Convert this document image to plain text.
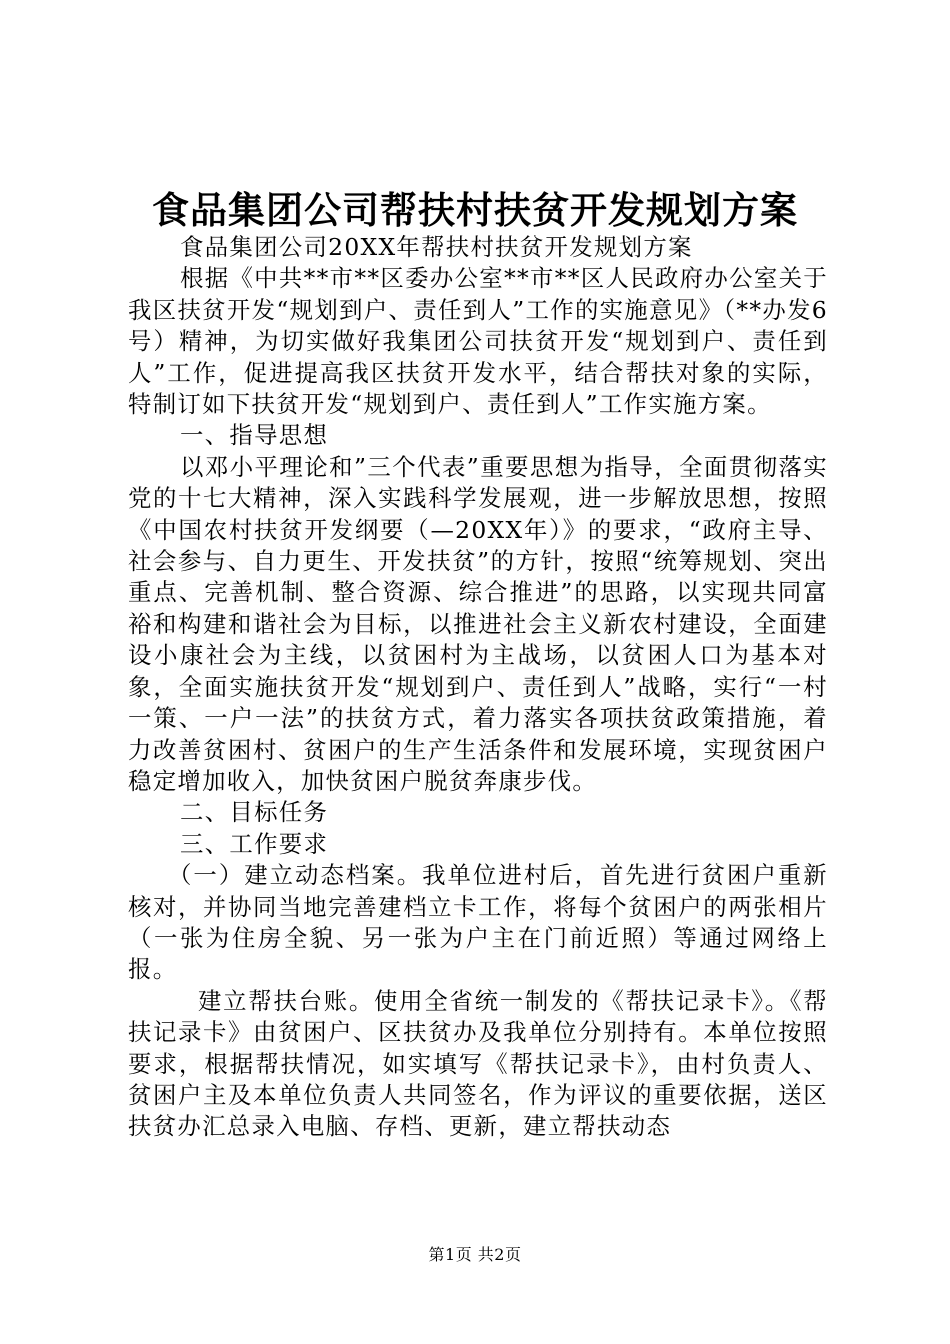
食品集团公司帮扶村扶贫开发规划方案

食品集团公司20XX年帮扶村扶贫开发规划方案

根据《中共**市**区委办公室**市**区人民政府办公室关于我区扶贫开发“规划到户、责任到人”工作的实施意见》（**办发6号）精神，为切实做好我集团公司扶贫开发“规划到户、责任到人”工作，促进提高我区扶贫开发水平，结合帮扶对象的实际，特制订如下扶贫开发“规划到户、责任到人”工作实施方案。

一、指导思想

以邓小平理论和”三个代表”重要思想为指导，全面贯彻落实党的十七大精神，深入实践科学发展观，进一步解放思想，按照《中国农村扶贫开发纲要（—20XX年）》的要求，“政府主导、社会参与、自力更生、开发扶贫”的方针，按照“统筹规划、突出重点、完善机制、整合资源、综合推进”的思路，以实现共同富裕和构建和谐社会为目标，以推进社会主义新农村建设，全面建设小康社会为主线，以贫困村为主战场，以贫困人口为基本对象，全面实施扶贫开发“规划到户、责任到人”战略，实行“一村一策、一户一法”的扶贫方式，着力落实各项扶贫政策措施，着力改善贫困村、贫困户的生产生活条件和发展环境，实现贫困户稳定增加收入，加快贫困户脱贫奔康步伐。

二、目标任务

三、工作要求

（一）建立动态档案。我单位进村后，首先进行贫困户重新核对，并协同当地完善建档立卡工作，将每个贫困户的两张相片（一张为住房全貌、另一张为户主在门前近照）等通过网络上报。

建立帮扶台账。使用全省统一制发的《帮扶记录卡》。《帮扶记录卡》由贫困户、区扶贫办及我单位分别持有。本单位按照要求，根据帮扶情况，如实填写《帮扶记录卡》，由村负责人、贫困户主及本单位负责人共同签名，作为评议的重要依据，送区扶贫办汇总录入电脑、存档、更新，建立帮扶动态

第1页 共2页
